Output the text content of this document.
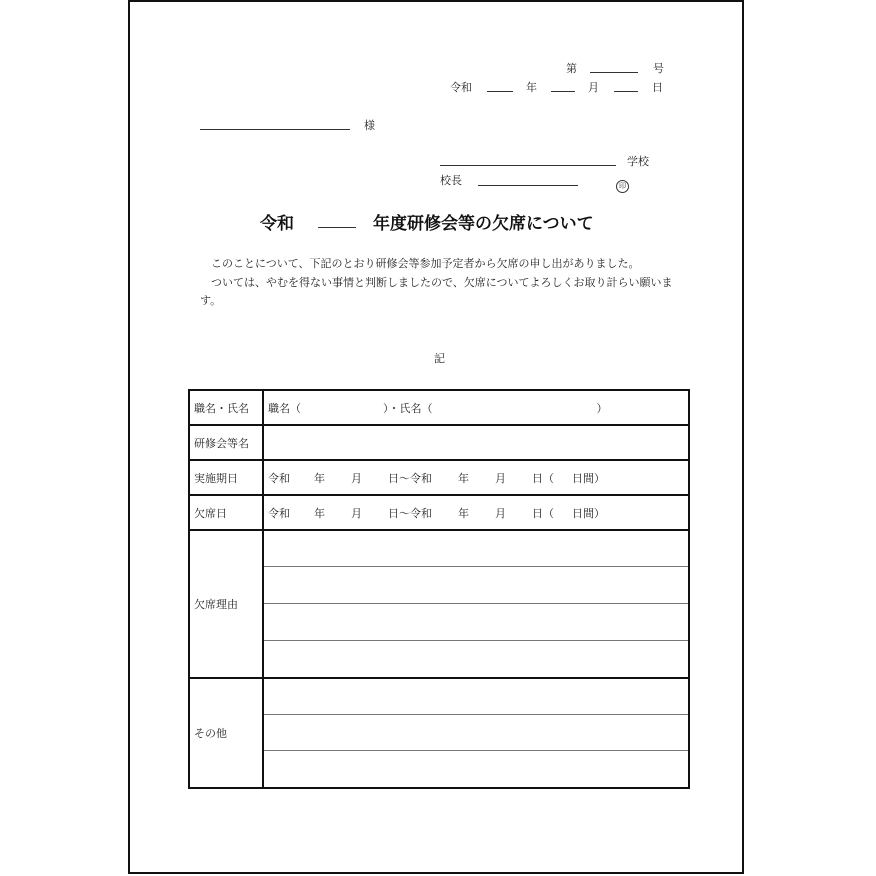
第	号
令和	年	月	日
様
学校
校長	印
令和	年度研修会等の欠席について

このことについて、下記のとおり研修会等参加予定者から欠席の申し出がありました。

ついては、やむを得ない事情と判断しましたので、欠席についてよろしくお取り計らい願います。

記
職名・氏名	職名（ ）・氏名（ ）
研修会等名	
実施期日	令和 年 月 日～令和 年 月 日（ 日間）
欠席日	令和 年 月 日～令和 年 月 日（ 日間）
欠席理由	

その他	
